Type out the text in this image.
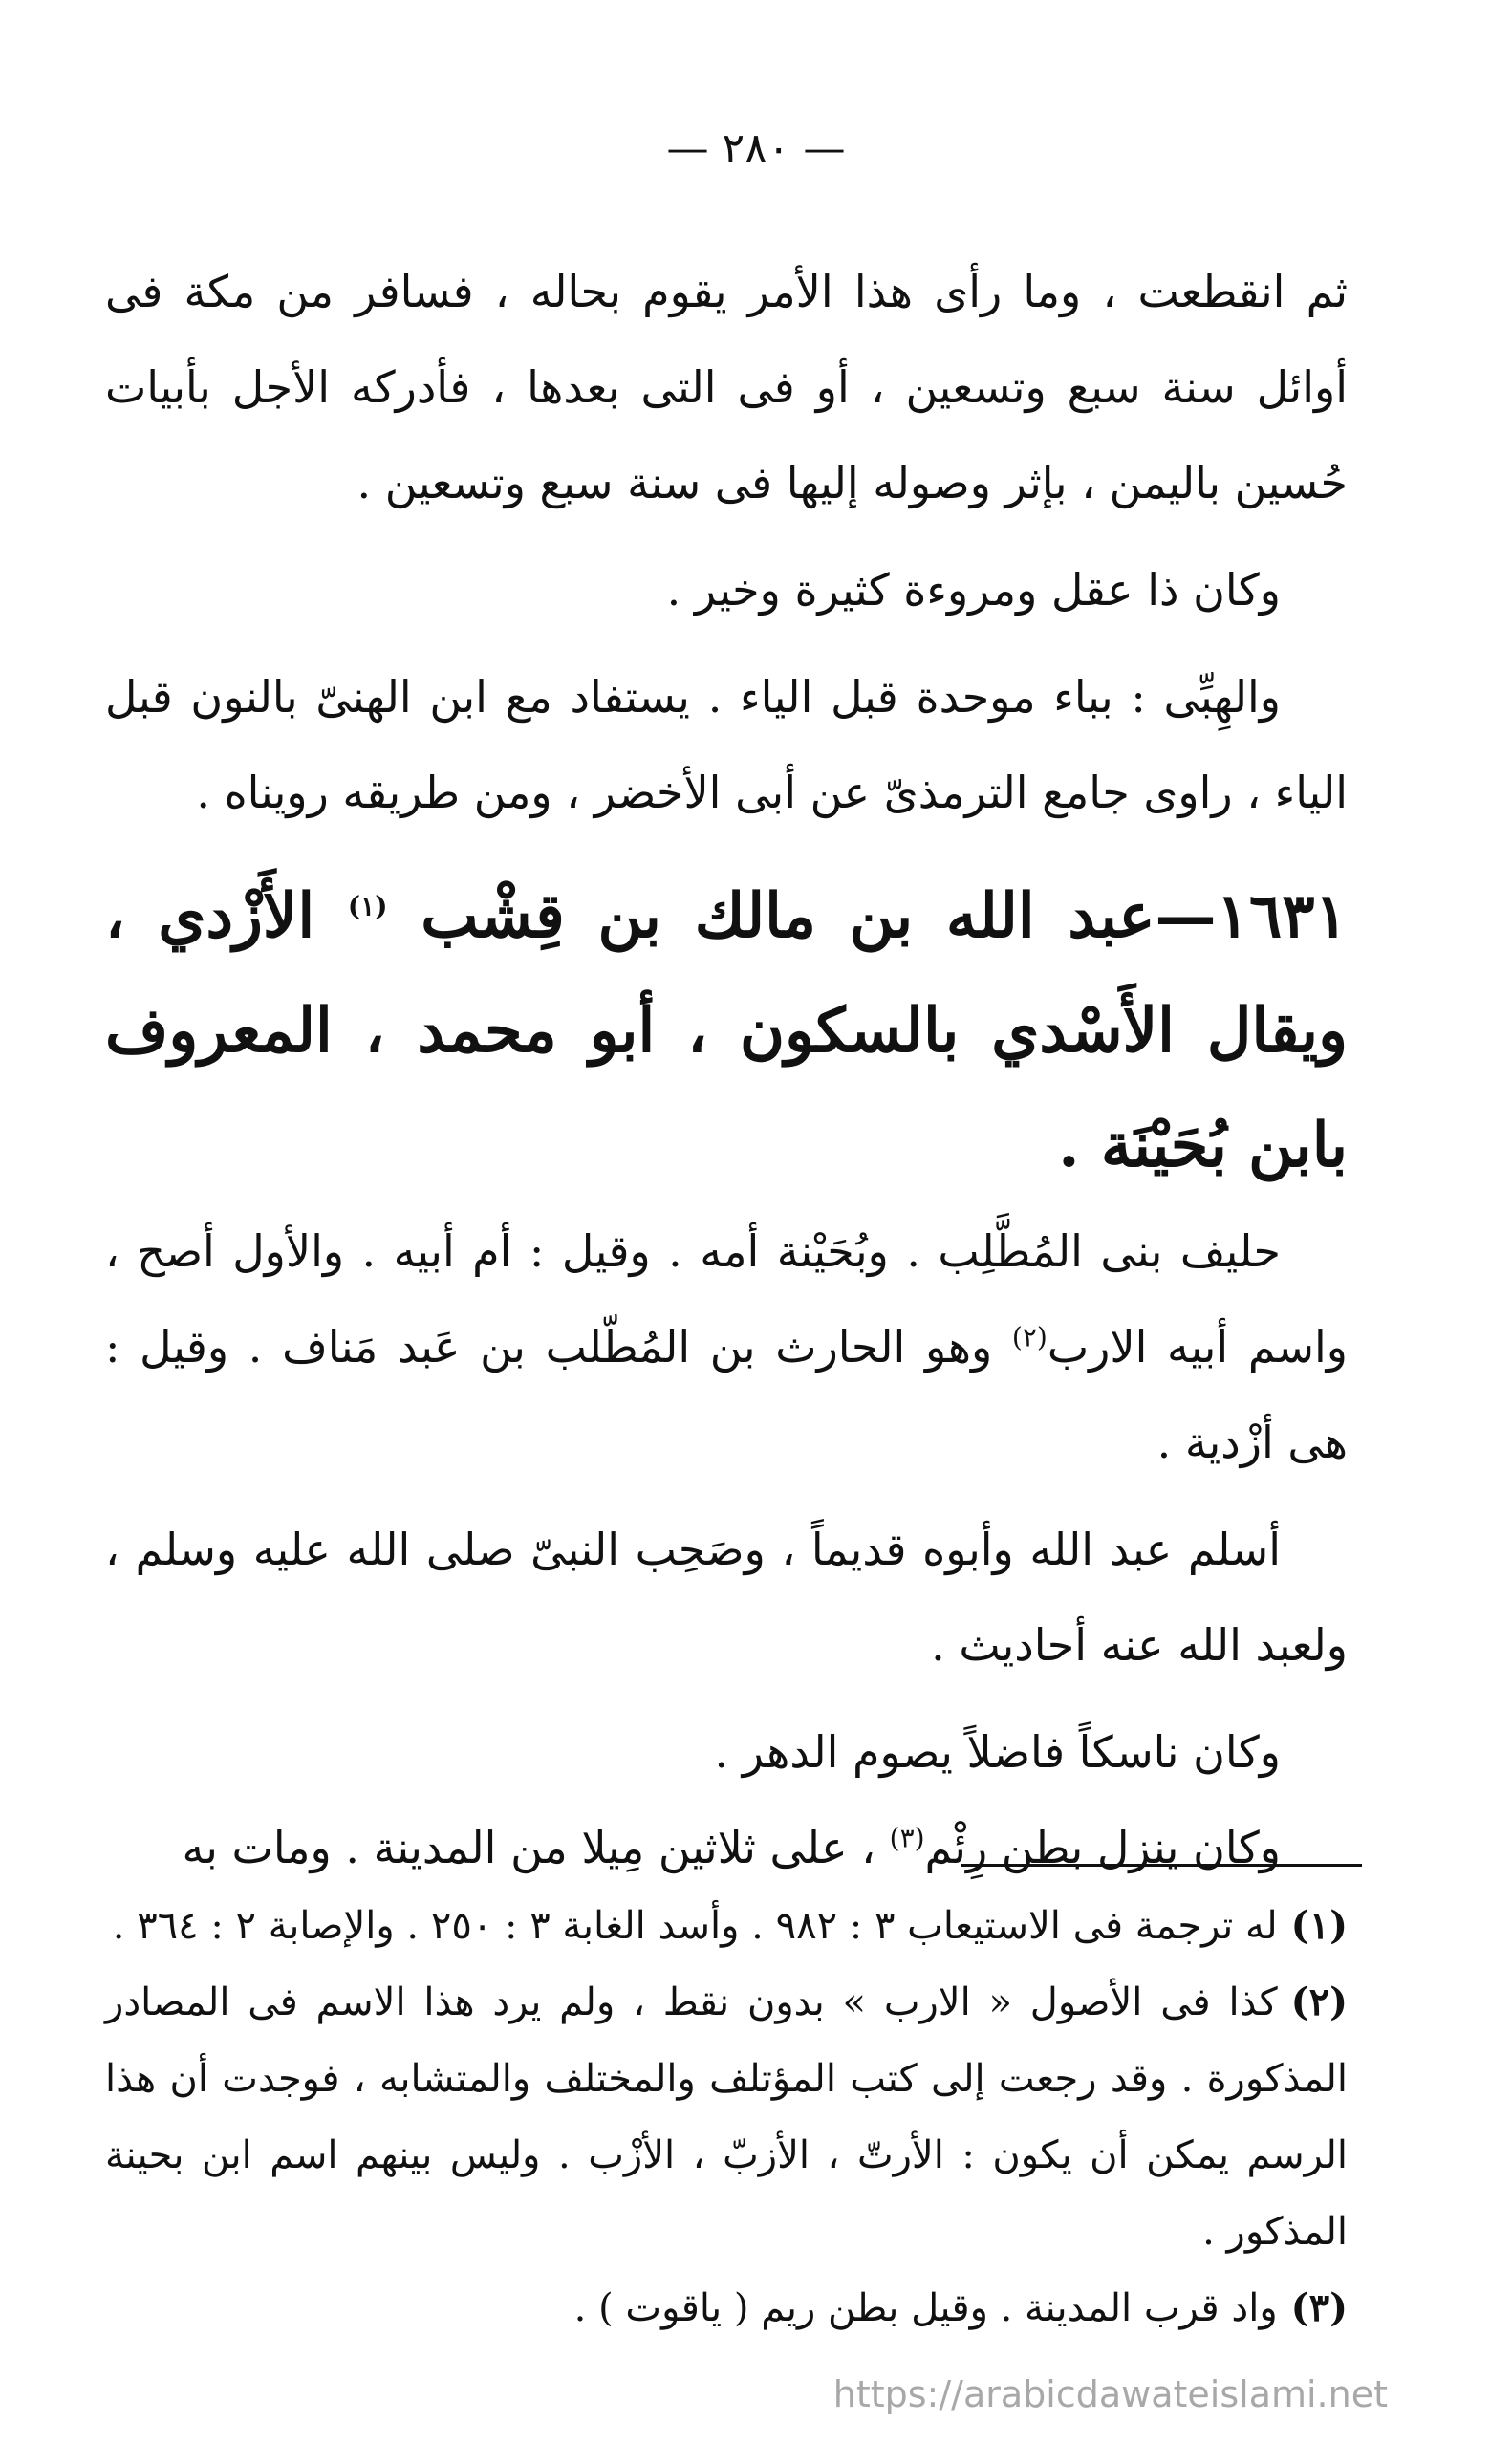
— ٢٨٠ —

ثم انقطعت ، وما رأى هذا الأمر يقوم بحاله ، فسافر من مكة فى أوائل سنة سبع وتسعين ، أو فى التى بعدها ، فأدركه الأجل بأبيات حُسين باليمن ، بإثر وصوله إليها فى سنة سبع وتسعين .

وكان ذا عقل ومروءة كثيرة وخير .

والهِبِّى : بباء موحدة قبل الياء . يستفاد مع ابن الهنىّ بالنون قبل الياء ، راوى جامع الترمذىّ عن أبى الأخضر ، ومن طريقه رويناه .

١٦٣١—عبد الله بن مالك بن قِشْب $^{(١)}$ الأَزْدي ، ويقال الأَسْدي بالسكون ، أبو محمد ، المعروف بابن بُحَيْنَة .

حليف بنى المُطَّلِب . وبُحَيْنة أمه . وقيل : أم أبيه . والأول أصح ، واسم أبيه الارب$^{(٢)}$ وهو الحارث بن المُطّلب بن عَبد مَناف . وقيل : هى أزْدية .

أسلم عبد الله وأبوه قديماً ، وصَحِب النبىّ صلى الله عليه وسلم ، ولعبد الله عنه أحاديث .

وكان ناسكاً فاضلاً يصوم الدهر .

وكان ينزل بطن رِئْم$^{(٣)}$ ، على ثلاثين مِيلا من المدينة . ومات به

(١)له ترجمة فى الاستيعاب ٣ : ٩٨٢ . وأسد الغابة ٣ : ٢٥٠ . والإصابة ٢ : ٣٦٤ .

(٢)كذا فى الأصول « الارب » بدون نقط ، ولم يرد هذا الاسم فى المصادر المذكورة . وقد رجعت إلى كتب المؤتلف والمختلف والمتشابه ، فوجدت أن هذا الرسم يمكن أن يكون : الأرتّ ، الأزبّ ، الأزْب . وليس بينهم اسم ابن بحينة المذكور .

(٣)واد قرب المدينة . وقيل بطن ريم ( ياقوت ) .

https://arabicdawateislami.net
